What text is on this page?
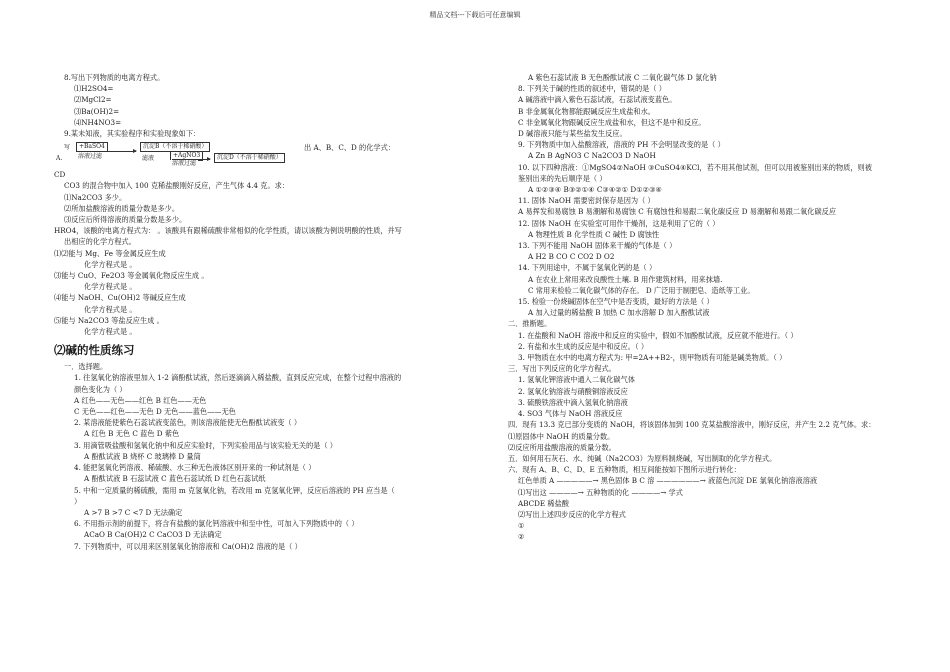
精品文档---下载后可任意编辑
8.写出下列物质的电离方程式。
⑴H2SO4=
⑵MgCl2=
⑶Ba(OH)2=
⑷NH4NO3=
9.某未知液，其实验程序和实验现象如下：
写
A.
+BaSO4
溶液过滤
沉淀B（不溶于稀硝酸）
滤液	+AgNO3
溶液过滤
沉淀D（不溶于稀硝酸）
出 A、B、C、D 的化学式：
CD
CO3 的混合物中加入 100 克稀盐酸刚好反应，产生气体 4.4 克。求：
⑴Na2CO3 多少。
⑵所加盐酸溶液的质量分数是多少。
⑶反应后所得溶液的质量分数是多少。
HRO4，该酸的电离方程式为： 。该酸具有跟稀硫酸非常相似的化学性质，请以该酸为例说明酸的性质，并写
出相应的化学方程式。
⑴⑵能与 Mg、Fe 等金属反应生成
化学方程式是 。
⑶能与 CuO、Fe2O3 等金属氧化物反应生成 。
化学方程式是 。
⑷能与 NaOH、Cu(OH)2 等碱反应生成
化学方程式是 。
⑸能与 Na2CO3 等盐反应生成 。
化学方程式是 。
⑵碱的性质练习
一．选择题。
1. 往氢氧化钠溶液里加入 1-2 滴酚酞试液，然后逐滴滴入稀盐酸，直到反应完成，在整个过程中溶液的
颜色变化为（ ）
A 红色——无色——红色 B 红色——无色
C 无色——红色——无色 D 无色——蓝色——无色
2. 某溶液能使紫色石蕊试液变蓝色，则该溶液能使无色酚酞试液变（ ）
A 红色 B 无色 C 蓝色 D 紫色
3. 用滴管吸盐酸和氢氧化钠中和反应实验时，下列实验用品与该实验无关的是（ ）
A 酚酞试液 B 烧杯 C 玻璃棒 D 量筒
4. 能把氢氧化钙溶液、稀硫酸、水三种无色液体区别开来的一种试剂是（ ）
A 酚酞试液 B 石蕊试液 C 蓝色石蕊试纸 D 红色石蕊试纸
5. 中和一定质量的稀硫酸，需用 m 克氢氧化钠，若改用 m 克氢氧化钾，反应后溶液的 PH 应当是（
）
A >7 B >7 C <7 D 无法确定
6. 不用指示剂的前提下，将含有盐酸的氯化钙溶液中和至中性，可加入下列物质中的（ ）
ACaO B Ca(OH)2 C CaCO3 D 无法确定
7. 下列物质中，可以用来区别氢氧化钠溶液和 Ca(OH)2 溶液的是（ ）
A 紫色石蕊试液 B 无色酚酞试液 C 二氧化碳气体 D 氯化钠
8. 下列关于碱的性质的叙述中，错误的是（ ）
A 碱溶液中滴入紫色石蕊试液，石蕊试液变蓝色。
B 非金属氧化物都能跟碱反应生成盐和水。
C 非金属氧化物跟碱反应生成盐和水，但这不是中和反应。
D 碱溶液只能与某些盐发生反应。
9. 下列物质中加入盐酸溶液，溶液的 PH 不会明显改变的是（ ）
A Zn B AgNO3 C Na2CO3 D NaOH
10. 以下四种溶液：①MgSO4②NaOH ③CuSO4④KCl，若不用其他试剂，但可以用被鉴别出来的物质，则被
鉴别出来的先后顺序是（ ）
A ①②③④ B③②①④ C③④②① D①②③④
11. 固体 NaOH 需要密封保存是因为（ ）
A 易挥发和易腐蚀 B 易潮解和易腐蚀 C 有腐蚀性和易跟二氧化碳反应 D 易潮解和易跟二氧化碳反应
12. 固体 NaOH 在实验室可用作干燥剂，这是利用了它的（ ）
A 物理性质 B 化学性质 C 碱性 D 腐蚀性
13. 下列不能用 NaOH 固体来干燥的气体是（ ）
A H2 B CO C CO2 D O2
14. 下列用途中，不属于氢氧化钙的是（ ）
A 在农业上常用来改良酸性土壤. B 用作建筑材料，用来抹墙.
C 常用来检验二氧化碳气体的存在。 D 广泛用于制肥皂、造纸等工业。
15. 检验一份烧碱固体在空气中是否变质，最好的方法是（ ）
A 加入过量的稀盐酸 B 加热 C 加水溶解 D 加入酚酞试液
二．推断题。
1. 在盐酸和 NaOH 溶液中和反应的实验中，假如不加酚酞试液，反应就不能进行。（ ）
2. 有盐和水生成的反应是中和反应。（ ）
3. 甲物质在水中的电离方程式为: 甲=2A++B2-，则甲物质有可能是碱类物质。（ ）
三．写出下列反应的化学方程式。
1. 氢氧化钾溶液中通入二氧化碳气体
2. 氢氧化钠溶液与硝酸铜溶液反应
3. 硫酸铁溶液中滴入氢氧化钠溶液
4. SO3 气体与 NaOH 溶液反应
四．现有 13.3 克已部分变质的 NaOH，将该固体加到 100 克某盐酸溶液中，刚好反应，并产生 2.2 克气体。求：
⑴原固体中 NaOH 的质量分数。
⑵反应所用盐酸溶液的质量分数。
五．如何用石灰石、水、纯碱（Na2CO3）为原料制烧碱，写出制取的化学方程式。
六．现有 A、B、C、D、E 五种物质，相互间能按如下图所示进行转化：
红色单质 A —————→ 黑色固体 B C 溶 ——————→ 液蓝色沉淀 DE 氯氧化钠溶液溶液
⑴写出这 ————→ 五种物质的化 ————→ 学式
ABCDE 稀盐酸
⑵写出上述四步反应的化学方程式
①
②
